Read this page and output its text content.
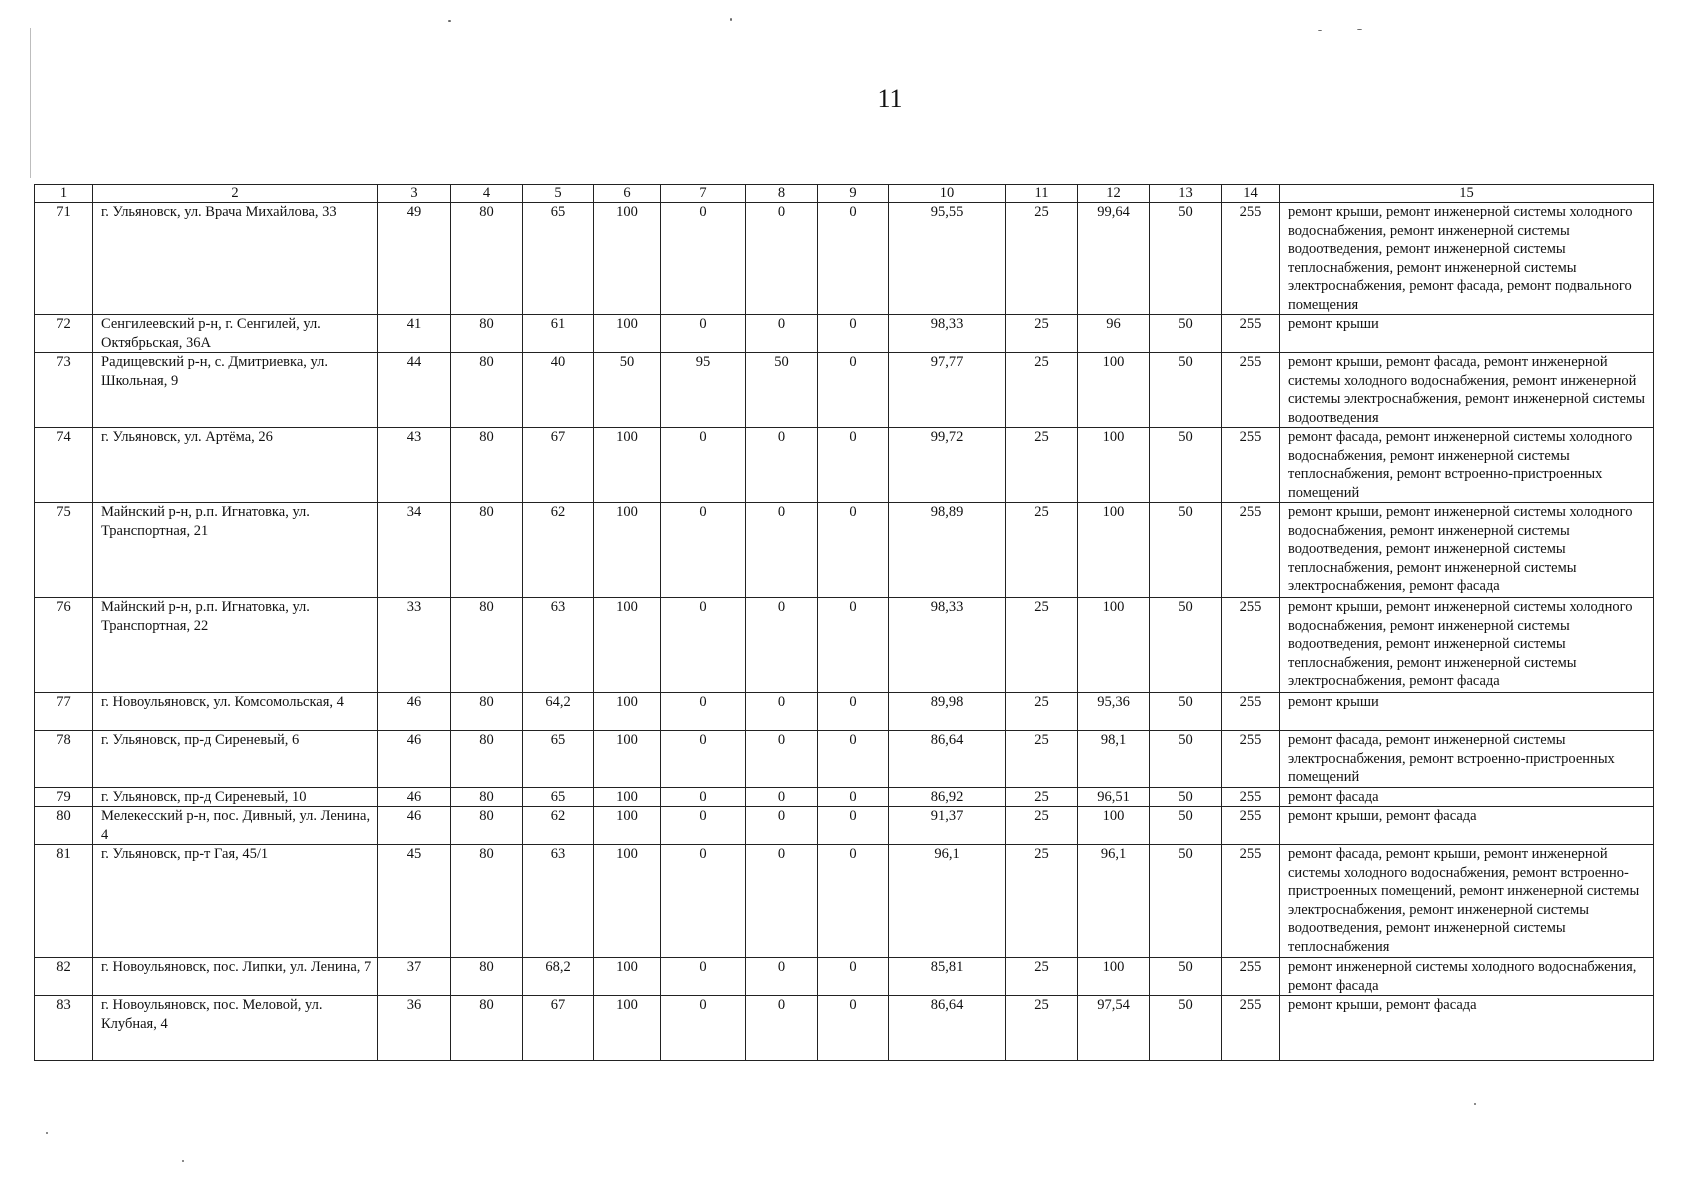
11
1	2	3	4	5	6	7	8	9	10	11	12	13	14	15
71	г. Ульяновск, ул. Врача Михайлова, 33	49	80	65	100	0	0	0	95,55	25	99,64	50	255	ремонт крыши, ремонт инженерной системы холодного водоснабжения, ремонт инженерной системы водоотведения, ремонт инженерной системы теплоснабжения, ремонт инженерной системы электроснабжения, ремонт фасада, ремонт подвального помещения
72	Сенгилеевский р-н, г. Сенгилей, ул. Октябрьская, 36А	41	80	61	100	0	0	0	98,33	25	96	50	255	ремонт крыши
73	Радищевский р-н, с. Дмитриевка, ул. Школьная, 9	44	80	40	50	95	50	0	97,77	25	100	50	255	ремонт крыши, ремонт фасада, ремонт инженерной системы холодного водоснабжения, ремонт инженерной системы электроснабжения, ремонт инженерной системы водоотведения
74	г. Ульяновск, ул. Артёма, 26	43	80	67	100	0	0	0	99,72	25	100	50	255	ремонт фасада, ремонт инженерной системы холодного водоснабжения, ремонт инженерной системы теплоснабжения, ремонт встроенно-пристроенных помещений
75	Майнский р-н, р.п. Игнатовка, ул. Транспортная, 21	34	80	62	100	0	0	0	98,89	25	100	50	255	ремонт крыши, ремонт инженерной системы холодного водоснабжения, ремонт инженерной системы водоотведения, ремонт инженерной системы теплоснабжения, ремонт инженерной системы электроснабжения, ремонт фасада
76	Майнский р-н, р.п. Игнатовка, ул. Транспортная, 22	33	80	63	100	0	0	0	98,33	25	100	50	255	ремонт крыши, ремонт инженерной системы холодного водоснабжения, ремонт инженерной системы водоотведения, ремонт инженерной системы теплоснабжения, ремонт инженерной системы электроснабжения, ремонт фасада
77	г. Новоульяновск, ул. Комсомольская, 4	46	80	64,2	100	0	0	0	89,98	25	95,36	50	255	ремонт крыши
78	г. Ульяновск, пр-д Сиреневый, 6	46	80	65	100	0	0	0	86,64	25	98,1	50	255	ремонт фасада, ремонт инженерной системы электроснабжения, ремонт встроенно-пристроенных помещений
79	г. Ульяновск, пр-д Сиреневый, 10	46	80	65	100	0	0	0	86,92	25	96,51	50	255	ремонт фасада
80	Мелекесский р-н, пос. Дивный, ул. Ленина, 4	46	80	62	100	0	0	0	91,37	25	100	50	255	ремонт крыши, ремонт фасада
81	г. Ульяновск, пр-т Гая, 45/1	45	80	63	100	0	0	0	96,1	25	96,1	50	255	ремонт фасада, ремонт крыши, ремонт инженерной системы холодного водоснабжения, ремонт встроенно-пристроенных помещений, ремонт инженерной системы электроснабжения, ремонт инженерной системы водоотведения, ремонт инженерной системы теплоснабжения
82	г. Новоульяновск, пос. Липки, ул. Ленина, 7	37	80	68,2	100	0	0	0	85,81	25	100	50	255	ремонт инженерной системы холодного водоснабжения, ремонт фасада
83	г. Новоульяновск, пос. Меловой, ул. Клубная, 4	36	80	67	100	0	0	0	86,64	25	97,54	50	255	ремонт крыши, ремонт фасада
